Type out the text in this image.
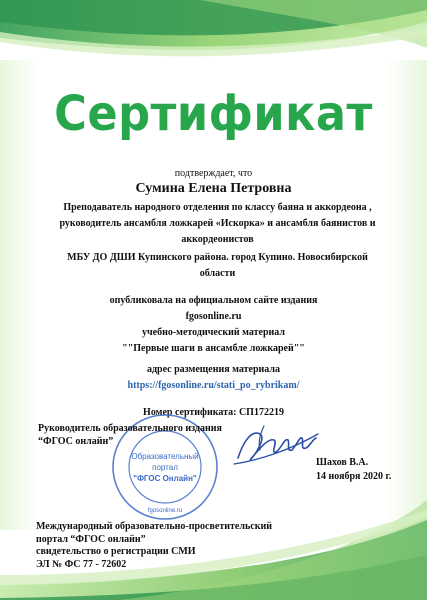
Сертификат
подтверждает, что
Сумина Елена Петровна
Преподаватель народного отделения по классу баяна и аккордеона , руководитель ансамбля ложкарей «Искорка» и ансамбля баянистов и аккордеонистов
МБУ ДО ДШИ Купинского района. город Купино. Новосибирской области
опубликовала на официальном сайте издания
fgosonline.ru
учебно-методический материал
""Первые шаги в ансамбле ложкарей""
адрес размещения материала
https://fgosonline.ru/stati_po_rybrikam/
Номер сертификата: СП172219
Образовательный
портал
"ФГОС Онлайн"
fgosonline.ru
Руководитель образовательного издания
“ФГОС онлайн”
Шахов В.А.
14 ноября 2020 г.
Международный образовательно-просветительский
портал “ФГОС онлайн”
свидетельство о регистрации СМИ
ЭЛ № ФС 77 - 72602
